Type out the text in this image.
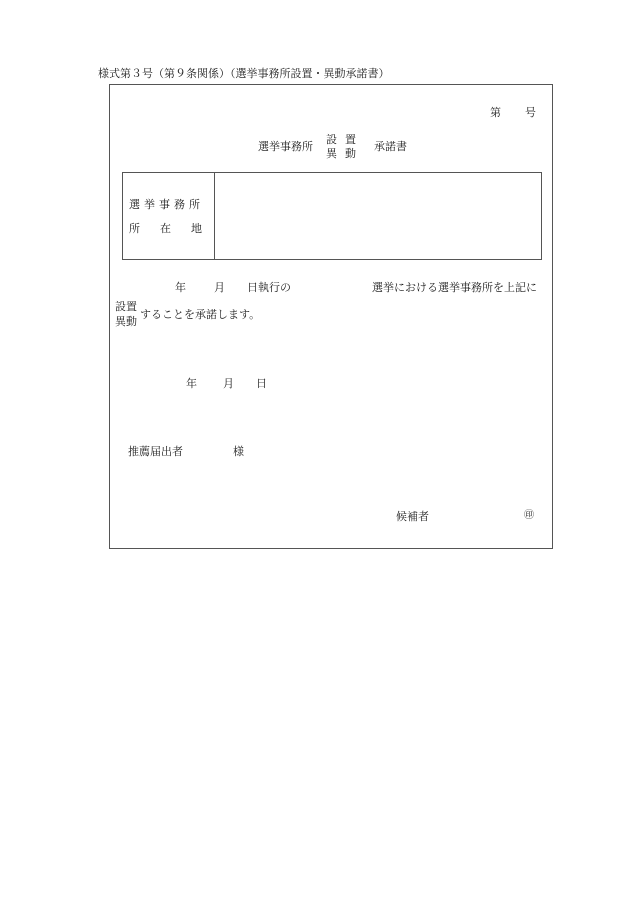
様式第３号（第９条関係）（選挙事務所設置・異動承諾書）
第 号
選挙事務所
設置
異動
承諾書
選挙事務所
所在地
年	月 日執行の	選挙における選挙事務所を上記に
設置
異動
することを承諾します。
年 月 日
推薦届出者	様
候補者	㊞
